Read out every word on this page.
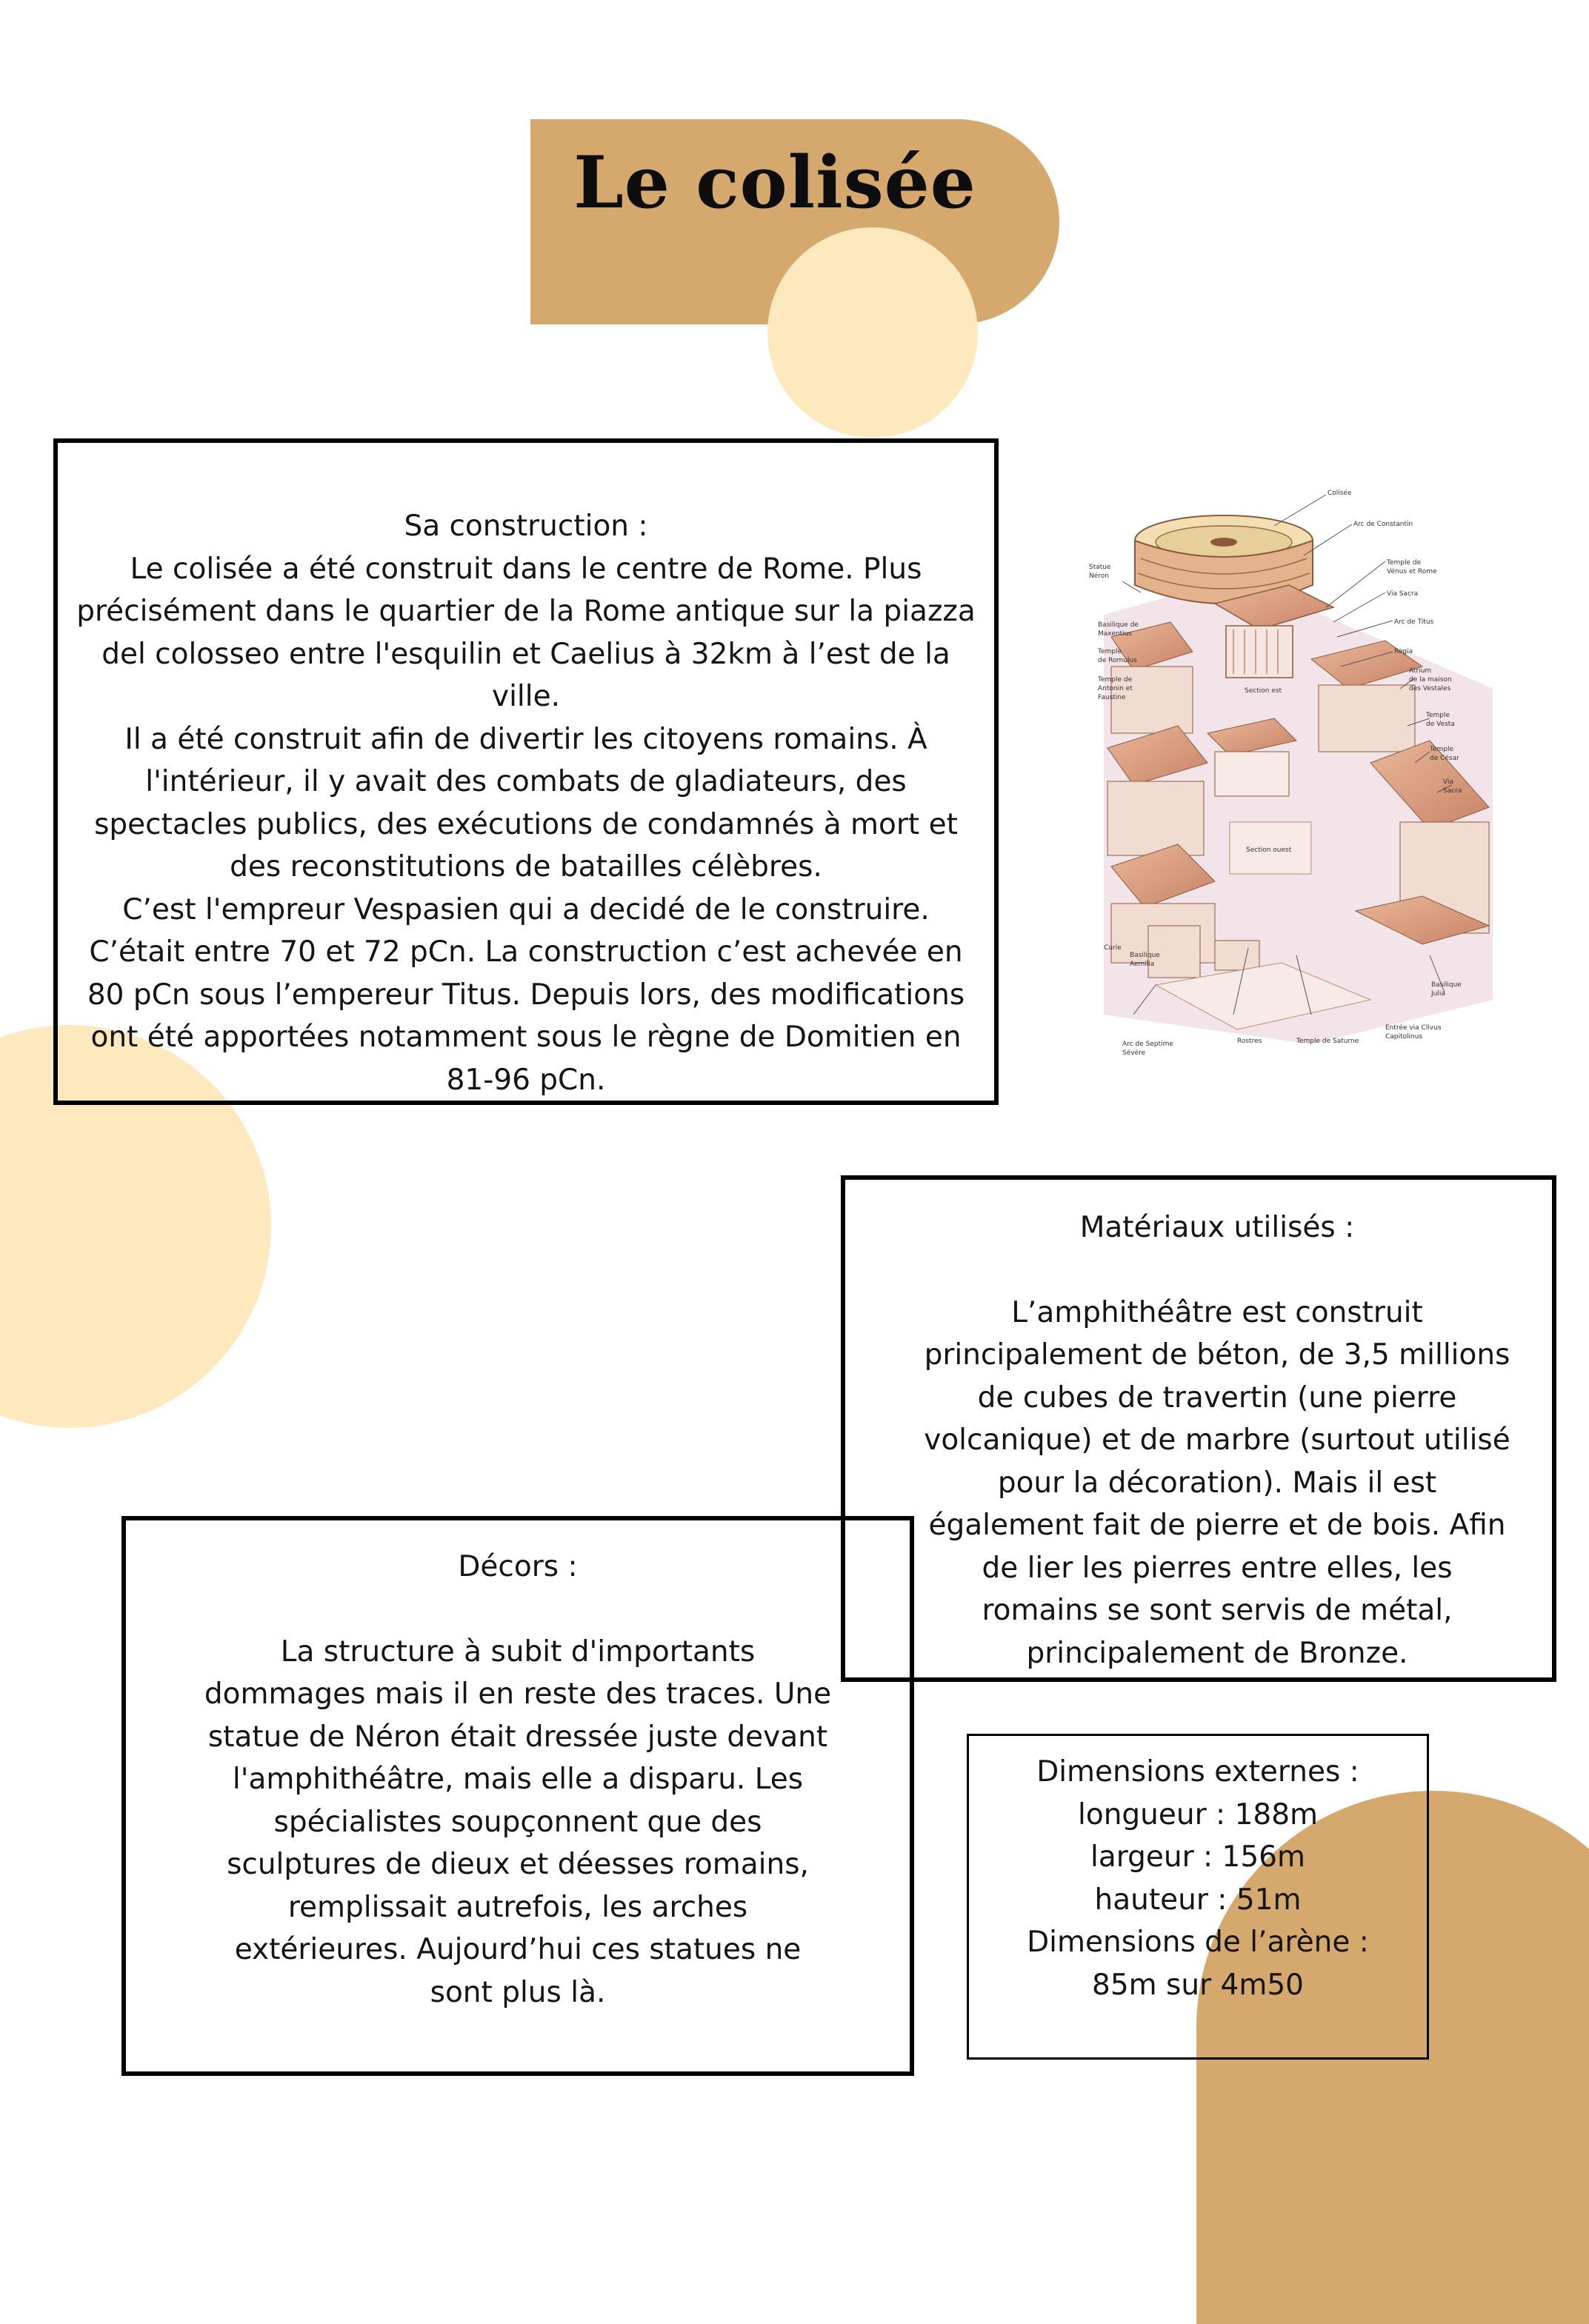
Le colisée

Sa construction :

Le colisée a été construit dans le centre de Rome. Plus précisément dans le quartier de la Rome antique sur la piazza del colosseo entre l'esquilin et Caelius à 32km à l’est de la ville.

Il a été construit afin de divertir les citoyens romains. À l'intérieur, il y avait des combats de gladiateurs, des spectacles publics, des exécutions de condamnés à mort et des reconstitutions de batailles célèbres.

C’est l'empreur Vespasien qui a decidé de le construire. C’était entre 70 et 72 pCn. La construction c’est achevée en 80 pCn sous l’empereur Titus. Depuis lors, des modifications ont été apportées notamment sous le règne de Domitien en 81-96 pCn.

Colisée
Arc de Constantin
Statue
Néron
Temple de
Vénus et Rome
Via Sacra
Basilique de
Maxentius
Arc de Titus
Temple
de Romulus
Regia
Atrium
de la maison
des Vestales
Temple de
Antonin et
Faustine
Section est
Temple
de Vesta
Temple
de César
Via
Sacra
Section ouest
Curie
Basilique
Aemilia
Basilique
Julia
Entrée via Clivus
Capitolinus
Arc de Septime
Sévère
Rostres	Temple de Saturne

Matériaux utilisés :

L’amphithéâtre est construit principalement de béton, de 3,5 millions de cubes de travertin (une pierre volcanique) et de marbre (surtout utilisé pour la décoration). Mais il est également fait de pierre et de bois. Afin de lier les pierres entre elles, les romains se sont servis de métal, principalement de Bronze.

Décors :

La structure à subit d'importants dommages mais il en reste des traces. Une statue de Néron était dressée juste devant l'amphithéâtre, mais elle a disparu. Les spécialistes soupçonnent que des sculptures de dieux et déesses romains, remplissait autrefois, les arches extérieures. Aujourd’hui ces statues ne sont plus là.

Dimensions externes :

longueur : 188m

largeur : 156m

hauteur : 51m

Dimensions de l’arène :

85m sur 4m50
